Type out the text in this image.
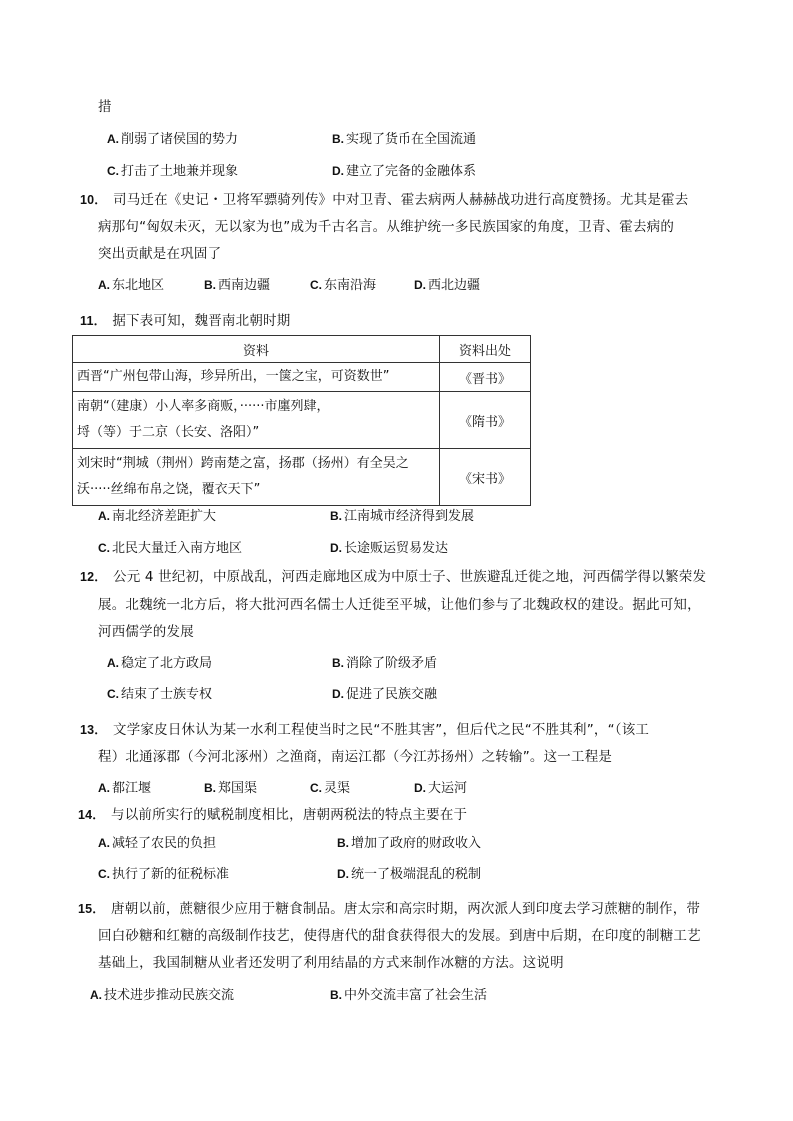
措
A. 削弱了诸侯国的势力	B. 实现了货币在全国流通
C. 打击了土地兼并现象	D. 建立了完备的金融体系
10． 司马迁在《史记・卫将军骠骑列传》中对卫青、霍去病两人赫赫战功进行高度赞扬。尤其是霍去
病那句“匈奴未灭，无以家为也”成为千古名言。从维护统一多民族国家的角度，卫青、霍去病的
突出贡献是在巩固了
A. 东北地区	B. 西南边疆	C. 东南沿海	D. 西北边疆
11． 据下表可知，魏晋南北朝时期
资料	资料出处

西晋“广州包带山海，珍异所出，一箧之宝，可资数世”	《晋书》

南朝“（建康）小人率多商贩，······市廛列肆，
埒（等）于二京（长安、洛阳）”	《隋书》

刘宋时“荆城（荆州）跨南楚之富，扬郡（扬州）有全吴之
沃·····丝绵布帛之饶，覆衣天下”	《宋书》
A. 南北经济差距扩大	B. 江南城市经济得到发展
C. 北民大量迁入南方地区	D. 长途贩运贸易发达
12． 公元 4 世纪初，中原战乱，河西走廊地区成为中原士子、世族避乱迁徙之地，河西儒学得以繁荣发
展。北魏统一北方后，将大批河西名儒士人迁徙至平城，让他们参与了北魏政权的建设。据此可知，
河西儒学的发展
A. 稳定了北方政局	B. 消除了阶级矛盾
C. 结束了士族专权	D. 促进了民族交融
13． 文学家皮日休认为某一水利工程使当时之民“不胜其害”，但后代之民“不胜其利”，“（该工
程）北通涿郡（今河北涿州）之渔商，南运江都（今江苏扬州）之转输”。这一工程是
A. 都江堰	B. 郑国渠	C. 灵渠	D. 大运河
14． 与以前所实行的赋税制度相比，唐朝两税法的特点主要在于
A. 减轻了农民的负担	B. 增加了政府的财政收入
C. 执行了新的征税标准	D. 统一了极端混乱的税制
15． 唐朝以前，蔗糖很少应用于糖食制品。唐太宗和高宗时期，两次派人到印度去学习蔗糖的制作，带
回白砂糖和红糖的高级制作技艺，使得唐代的甜食获得很大的发展。到唐中后期，在印度的制糖工艺
基础上，我国制糖从业者还发明了利用结晶的方式来制作冰糖的方法。这说明
A. 技术进步推动民族交流	B. 中外交流丰富了社会生活
